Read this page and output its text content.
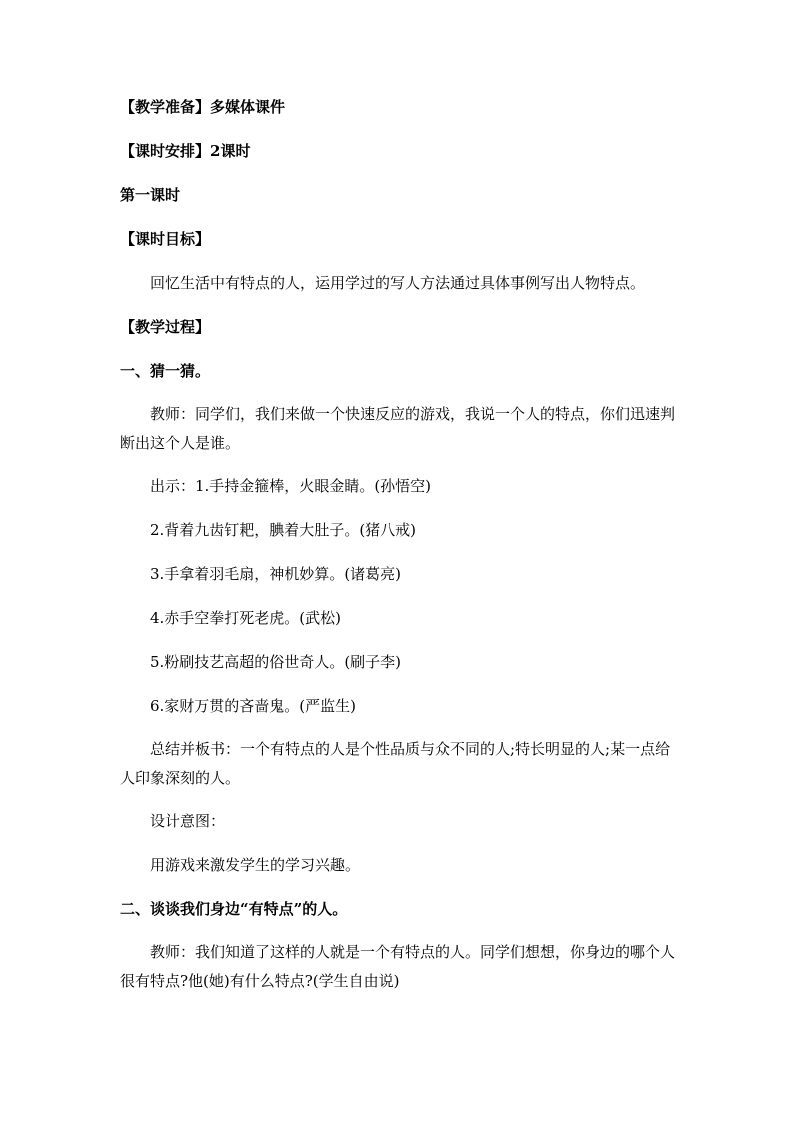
【教学准备】多媒体课件

【课时安排】2课时

第一课时

【课时目标】

回忆生活中有特点的人，运用学过的写人方法通过具体事例写出人物特点。

【教学过程】

一、猜一猜。

教师：同学们，我们来做一个快速反应的游戏，我说一个人的特点，你们迅速判断出这个人是谁。

出示：1.手持金箍棒，火眼金睛。(孙悟空)

2.背着九齿钉耙，腆着大肚子。(猪八戒)

3.手拿着羽毛扇，神机妙算。(诸葛亮)

4.赤手空拳打死老虎。(武松)

5.粉刷技艺高超的俗世奇人。(刷子李)

6.家财万贯的吝啬鬼。(严监生)

总结并板书：一个有特点的人是个性品质与众不同的人;特长明显的人;某一点给人印象深刻的人。

设计意图：

用游戏来激发学生的学习兴趣。

二、谈谈我们身边“有特点”的人。

教师：我们知道了这样的人就是一个有特点的人。同学们想想，你身边的哪个人很有特点?他(她)有什么特点?(学生自由说)
